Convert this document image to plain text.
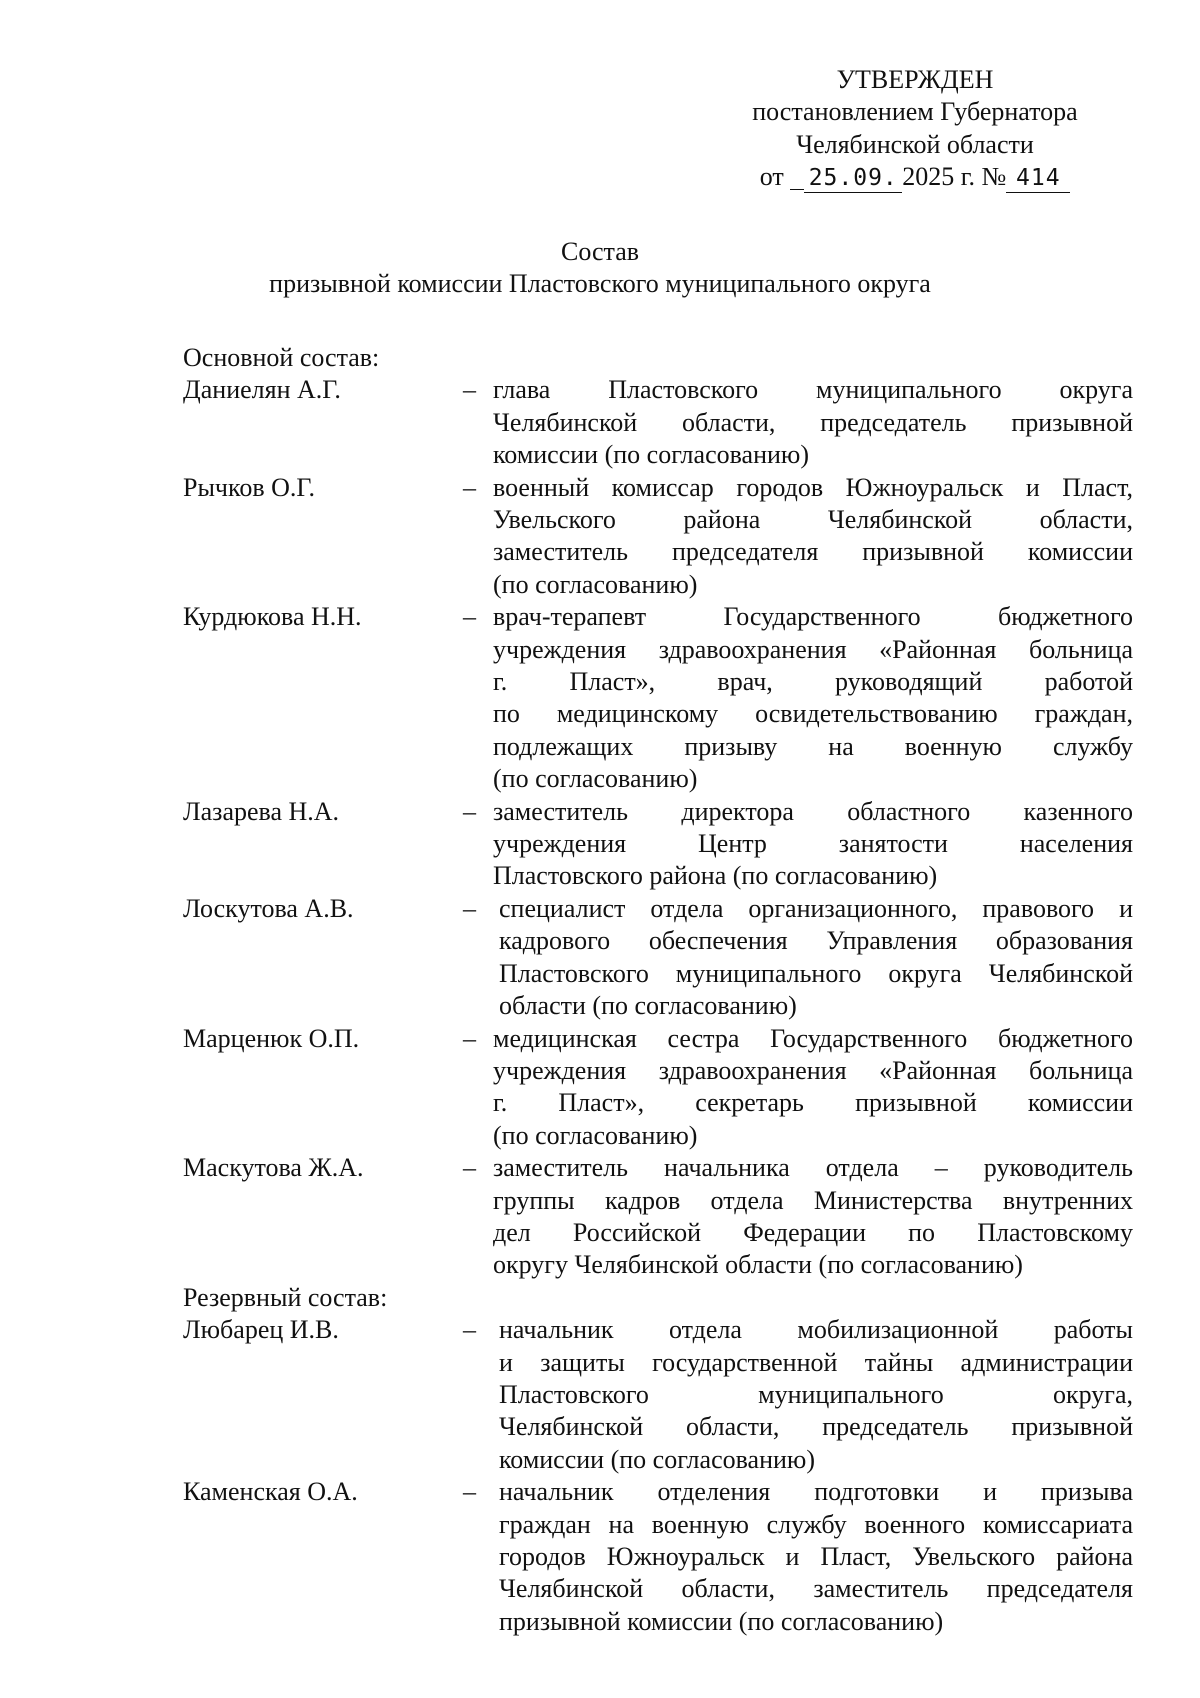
УТВЕРЖДЕН
постановлением Губернатора
Челябинской области
от 25.09. 2025 г. № 414
Состав
призывной комиссии Пластовского муниципального округа
Основной состав:
Даниелян А.Г.	– глава Пластовского муниципального округа

Челябинской области, председатель призывной

комиссии (по согласованию)

Рычков О.Г.	– военный комиссар городов Южноуральск и Пласт,

Увельского района Челябинской области,

заместитель председателя призывной комиссии

(по согласованию)

Курдюкова Н.Н.	– врач-терапевт Государственного бюджетного

учреждения здравоохранения «Районная больница

г. Пласт», врач, руководящий работой

по медицинскому освидетельствованию граждан,

подлежащих призыву на военную службу

(по согласованию)

Лазарева Н.А.	– заместитель директора областного казенного

учреждения Центр занятости населения

Пластовского района (по согласованию)

Лоскутова А.В.	– специалист отдела организационного, правового и

кадрового обеспечения Управления образования

Пластовского муниципального округа Челябинской

области (по согласованию)

Марценюк О.П.	– медицинская сестра Государственного бюджетного

учреждения здравоохранения «Районная больница

г. Пласт», секретарь призывной комиссии

(по согласованию)

Маскутова Ж.А.	– заместитель начальника отдела – руководитель

группы кадров отдела Министерства внутренних

дел Российской Федерации по Пластовскому

округу Челябинской области (по согласованию)

Резервный состав:
Любарец И.В.	– начальник отдела мобилизационной работы

и защиты государственной тайны администрации

Пластовского муниципального округа,

Челябинской области, председатель призывной

комиссии (по согласованию)

Каменская О.А.	– начальник отделения подготовки и призыва

граждан на военную службу военного комиссариата

городов Южноуральск и Пласт, Увельского района

Челябинской области, заместитель председателя

призывной комиссии (по согласованию)
